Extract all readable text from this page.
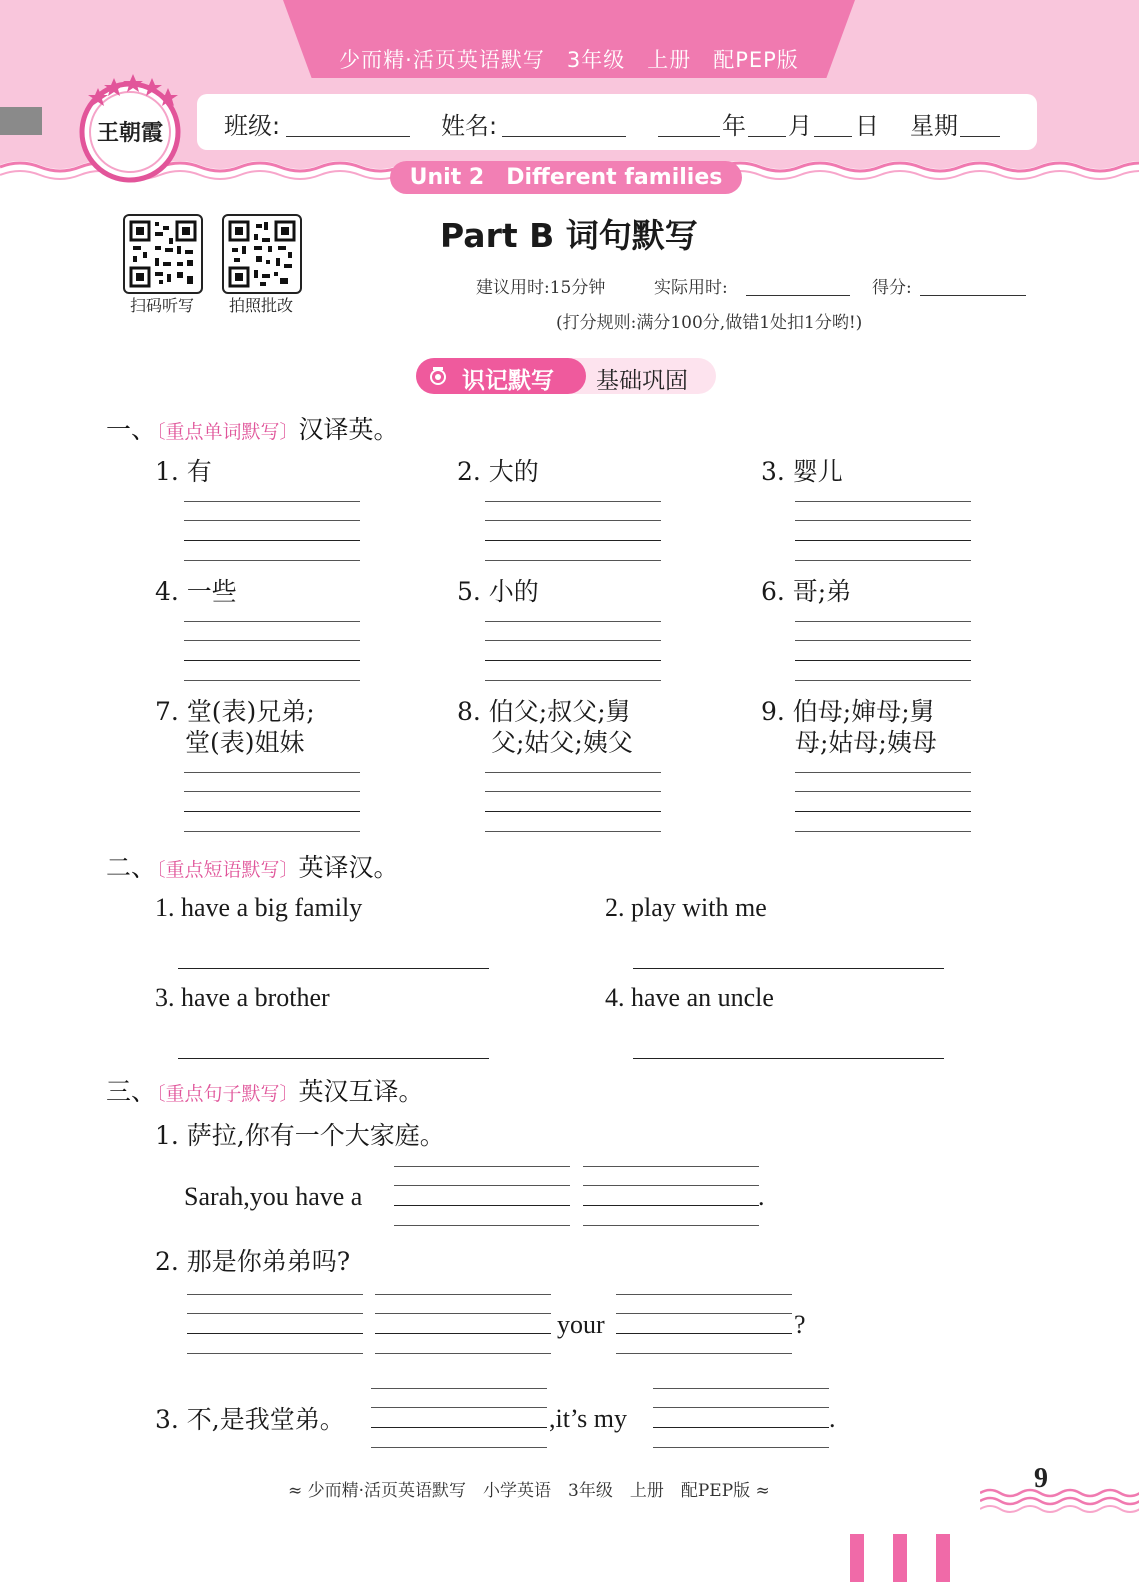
少而精·活页英语默写　3年级　上册　配PEP版
班级:	姓名:	年 月 日 星期
Unit 2　Different families
王朝霞
扫码听写	拍照批改
Part B 词句默写
建议用时:15分钟	实际用时:	得分:
(打分规则:满分100分,做错1处扣1分哟!)
识记默写 基础巩固
一、〔重点单词默写〕汉译英。
1. 有	2. 大的	3. 婴儿
4. 一些	5. 小的	6. 哥;弟
7. 堂(表)兄弟;
堂(表)姐妹
8. 伯父;叔父;舅
父;姑父;姨父
9. 伯母;婶母;舅
母;姑母;姨母
二、〔重点短语默写〕英译汉。
1. have a big family	2. play with me
3. have a brother	4. have an uncle
三、〔重点句子默写〕英汉互译。
1. 萨拉,你有一个大家庭。
Sarah,you have a	.
2. 那是你弟弟吗?
your	?
3. 不,是我堂弟。	,it’s my	.
≈ 少而精·活页英语默写　小学英语　3年级　上册　配PEP版 ≈	9
